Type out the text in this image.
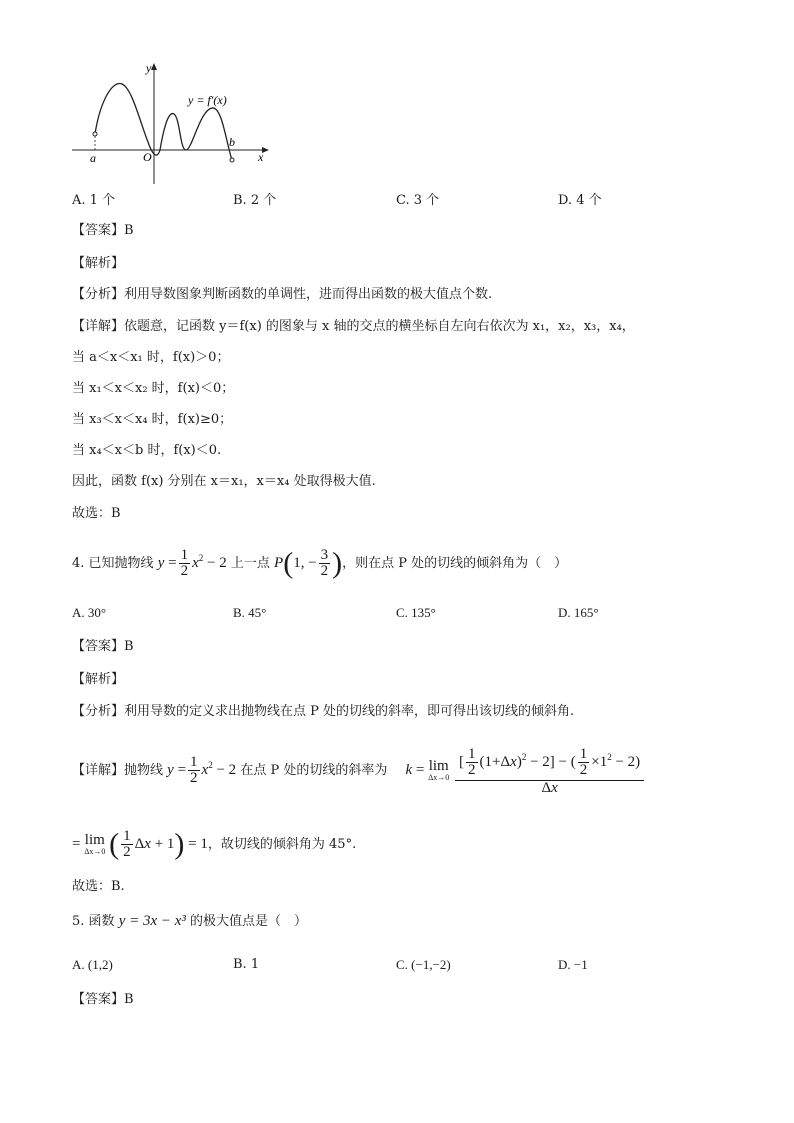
y
x
y = f′(x)
O
a
b
A. 1 个	B. 2 个	C. 3 个	D. 4 个
【答案】B
【解析】
【分析】利用导数图象判断函数的单调性，进而得出函数的极大值点个数.
【详解】依题意，记函数 y＝f(x) 的图象与 x 轴的交点的横坐标自左向右依次为 x₁，x₂，x₃，x₄，
当 a＜x＜x₁ 时，f(x)＞0；
当 x₁＜x＜x₂ 时，f(x)＜0；
当 x₃＜x＜x₄ 时，f(x)≥0；
当 x₄＜x＜b 时，f(x)＜0.
因此，函数 f(x) 分别在 x＝x₁，x＝x₄ 处取得极大值.
故选：B
4. 已知抛物线 $y = \frac{1}{2} x^2 - 2$ 上一点 P(1, − $\frac{3}{2}$ )，则在点 P 处的切线的倾斜角为（　）
A. 30°	B. 45°	C. 135°	D. 165°
【答案】B
【解析】
【分析】利用导数的定义求出抛物线在点 P 处的切线的斜率，即可得出该切线的倾斜角.
【详解】抛物线 $y = \frac{1}{2} x^2 - 2$ 在点 P 处的切线的斜率为 k = lim
Δx→0
$\frac{[ \frac{1}{2} (1+\Delta x)^2 - 2] - ( \frac{1}{2} \times 1^2 - 2)}{\Delta x}$
= lim
Δx→0 ( $\frac{1}{2}$ Δx + 1) = 1，故切线的倾斜角为 45°.
故选：B.
5. 函数 y = 3x − x³ 的极大值点是（　）
A. (1,2)	B. 1	C. (−1,−2)	D. −1
【答案】B
